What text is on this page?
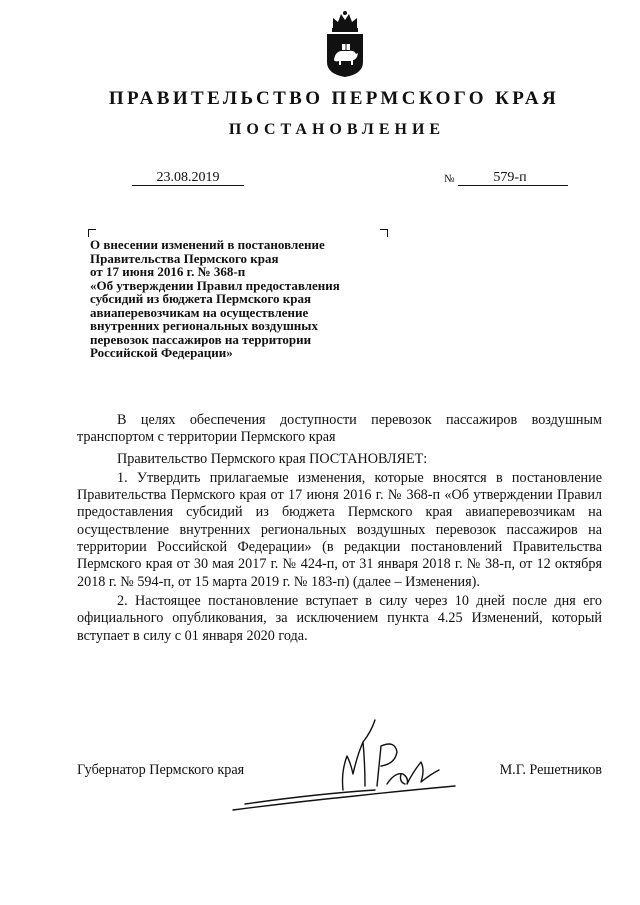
ПРАВИТЕЛЬСТВО ПЕРМСКОГО КРАЯ
ПОСТАНОВЛЕНИЕ
23.08.2019	№	579-п
О внесении изменений в постановление
Правительства Пермского края
от 17 июня 2016 г. № 368-п
«Об утверждении Правил предоставления
субсидий из бюджета Пермского края
авиаперевозчикам на осуществление
внутренних региональных воздушных
перевозок пассажиров на территории
Российской Федерации»

В целях обеспечения доступности перевозок пассажиров воздушным транспортом с территории Пермского края

Правительство Пермского края ПОСТАНОВЛЯЕТ:

1. Утвердить прилагаемые изменения, которые вносятся в постановление Правительства Пермского края от 17 июня 2016 г. № 368-п «Об утверждении Правил предоставления субсидий из бюджета Пермского края авиаперевозчикам на осуществление внутренних региональных воздушных перевозок пассажиров на территории Российской Федерации» (в редакции постановлений Правительства Пермского края от 30 мая 2017 г. № 424-п, от 31 января 2018 г. № 38-п, от 12 октября 2018 г. № 594-п, от 15 марта 2019 г. № 183-п) (далее – Изменения).

2. Настоящее постановление вступает в силу через 10 дней после дня его официального опубликования, за исключением пункта 4.25 Изменений, который вступает в силу с 01 января 2020 года.

Губернатор Пермского края	М.Г. Решетников
